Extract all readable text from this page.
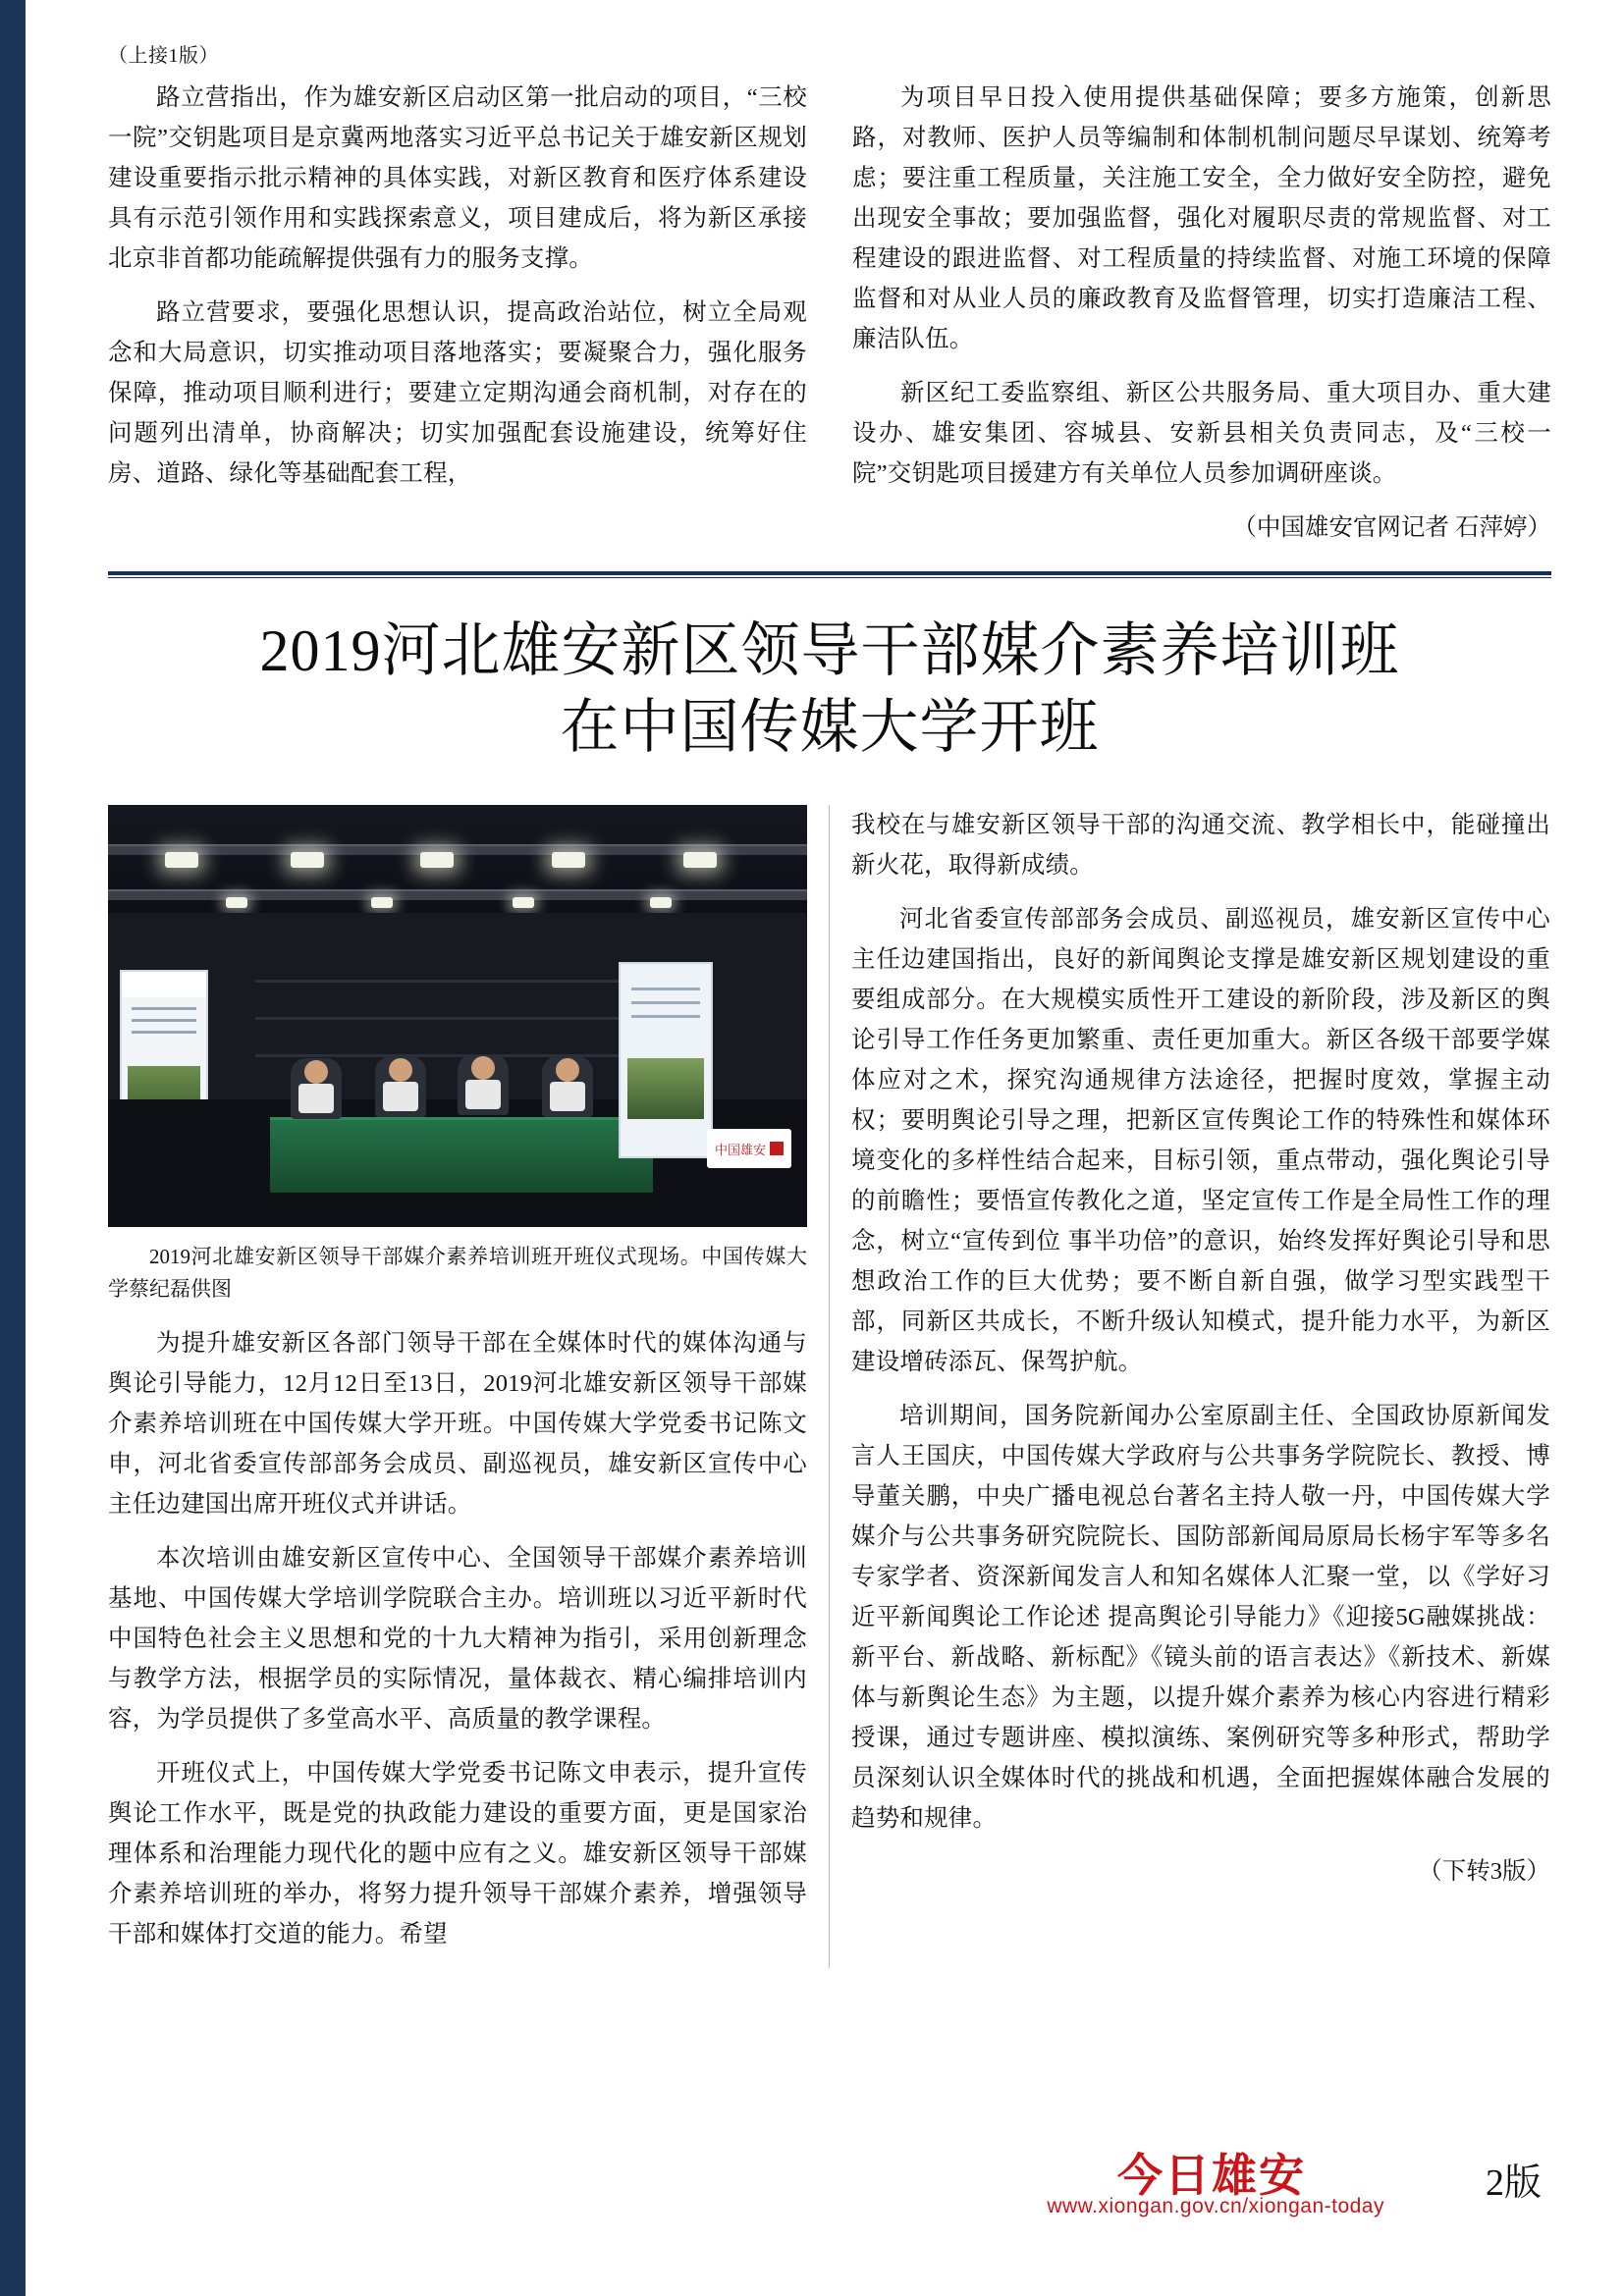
（上接1版）

路立营指出，作为雄安新区启动区第一批启动的项目，“三校一院”交钥匙项目是京冀两地落实习近平总书记关于雄安新区规划建设重要指示批示精神的具体实践，对新区教育和医疗体系建设具有示范引领作用和实践探索意义，项目建成后，将为新区承接北京非首都功能疏解提供强有力的服务支撑。

路立营要求，要强化思想认识，提高政治站位，树立全局观念和大局意识，切实推动项目落地落实；要凝聚合力，强化服务保障，推动项目顺利进行；要建立定期沟通会商机制，对存在的问题列出清单，协商解决；切实加强配套设施建设，统筹好住房、道路、绿化等基础配套工程，

为项目早日投入使用提供基础保障；要多方施策，创新思路，对教师、医护人员等编制和体制机制问题尽早谋划、统筹考虑；要注重工程质量，关注施工安全，全力做好安全防控，避免出现安全事故；要加强监督，强化对履职尽责的常规监督、对工程建设的跟进监督、对工程质量的持续监督、对施工环境的保障监督和对从业人员的廉政教育及监督管理，切实打造廉洁工程、廉洁队伍。

新区纪工委监察组、新区公共服务局、重大项目办、重大建设办、雄安集团、容城县、安新县相关负责同志，及“三校一院”交钥匙项目援建方有关单位人员参加调研座谈。

（中国雄安官网记者 石萍婷）

2019河北雄安新区领导干部媒介素养培训班
在中国传媒大学开班
中国雄安
2019河北雄安新区领导干部媒介素养培训班开班仪式现场。中国传媒大学蔡纪磊供图

为提升雄安新区各部门领导干部在全媒体时代的媒体沟通与舆论引导能力，12月12日至13日，2019河北雄安新区领导干部媒介素养培训班在中国传媒大学开班。中国传媒大学党委书记陈文申，河北省委宣传部部务会成员、副巡视员，雄安新区宣传中心主任边建国出席开班仪式并讲话。

本次培训由雄安新区宣传中心、全国领导干部媒介素养培训基地、中国传媒大学培训学院联合主办。培训班以习近平新时代中国特色社会主义思想和党的十九大精神为指引，采用创新理念与教学方法，根据学员的实际情况，量体裁衣、精心编排培训内容，为学员提供了多堂高水平、高质量的教学课程。

开班仪式上，中国传媒大学党委书记陈文申表示，提升宣传舆论工作水平，既是党的执政能力建设的重要方面，更是国家治理体系和治理能力现代化的题中应有之义。雄安新区领导干部媒介素养培训班的举办，将努力提升领导干部媒介素养，增强领导干部和媒体打交道的能力。希望

我校在与雄安新区领导干部的沟通交流、教学相长中，能碰撞出新火花，取得新成绩。

河北省委宣传部部务会成员、副巡视员，雄安新区宣传中心主任边建国指出，良好的新闻舆论支撑是雄安新区规划建设的重要组成部分。在大规模实质性开工建设的新阶段，涉及新区的舆论引导工作任务更加繁重、责任更加重大。新区各级干部要学媒体应对之术，探究沟通规律方法途径，把握时度效，掌握主动权；要明舆论引导之理，把新区宣传舆论工作的特殊性和媒体环境变化的多样性结合起来，目标引领，重点带动，强化舆论引导的前瞻性；要悟宣传教化之道，坚定宣传工作是全局性工作的理念，树立“宣传到位 事半功倍”的意识，始终发挥好舆论引导和思想政治工作的巨大优势；要不断自新自强，做学习型实践型干部，同新区共成长，不断升级认知模式，提升能力水平，为新区建设增砖添瓦、保驾护航。

培训期间，国务院新闻办公室原副主任、全国政协原新闻发言人王国庆，中国传媒大学政府与公共事务学院院长、教授、博导董关鹏，中央广播电视总台著名主持人敬一丹，中国传媒大学媒介与公共事务研究院院长、国防部新闻局原局长杨宇军等多名专家学者、资深新闻发言人和知名媒体人汇聚一堂，以《学好习近平新闻舆论工作论述 提高舆论引导能力》《迎接5G融媒挑战：新平台、新战略、新标配》《镜头前的语言表达》《新技术、新媒体与新舆论生态》为主题，以提升媒介素养为核心内容进行精彩授课，通过专题讲座、模拟演练、案例研究等多种形式，帮助学员深刻认识全媒体时代的挑战和机遇，全面把握媒体融合发展的趋势和规律。

（下转3版）
今日雄安
www.xiongan.gov.cn/xiongan-today
2版
